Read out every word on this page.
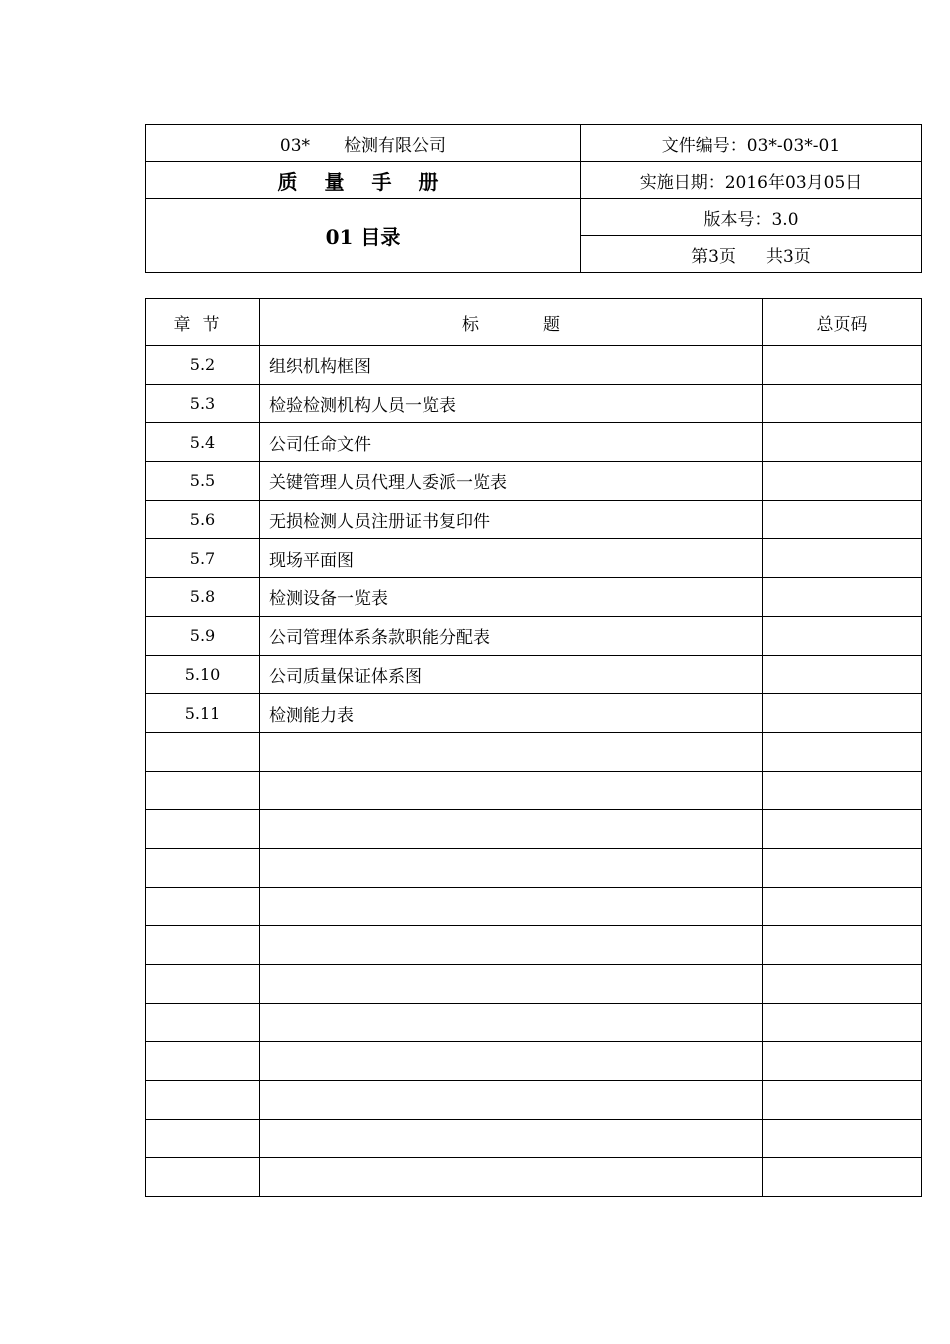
03* 检测有限公司	文件编号：03*-03*-01
质 量 手 册	实施日期：2016年03月05日
01 目录	版本号：3.0
	第3页 共3页
章节	标题	总页码
5.2	组织机构框图	
5.3	检验检测机构人员一览表	
5.4	公司任命文件	
5.5	关键管理人员代理人委派一览表	
5.6	无损检测人员注册证书复印件	
5.7	现场平面图	
5.8	检测设备一览表	
5.9	公司管理体系条款职能分配表	
5.10	公司质量保证体系图	
5.11	检测能力表	
